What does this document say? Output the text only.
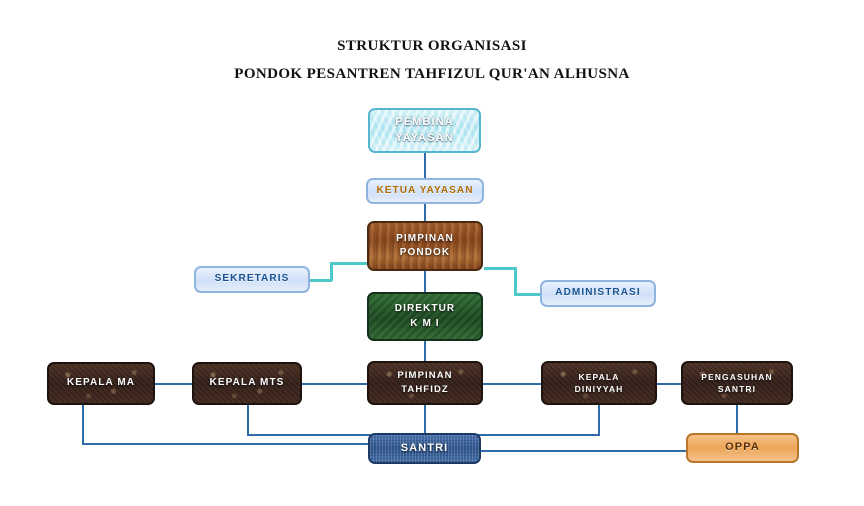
STRUKTUR ORGANISASI
PONDOK PESANTREN TAHFIZUL QUR'AN ALHUSNA
PEMBINA
YAYASAN
KETUA YAYASAN
PIMPINAN
PONDOK
SEKRETARIS
ADMINISTRASI
DIREKTUR
K M I
KEPALA MA	KEPALA MTS
PIMPINAN
TAHFIDZ
KEPALA
DINIYYAH
PENGASUHAN
SANTRI
SANTRI	OPPA
